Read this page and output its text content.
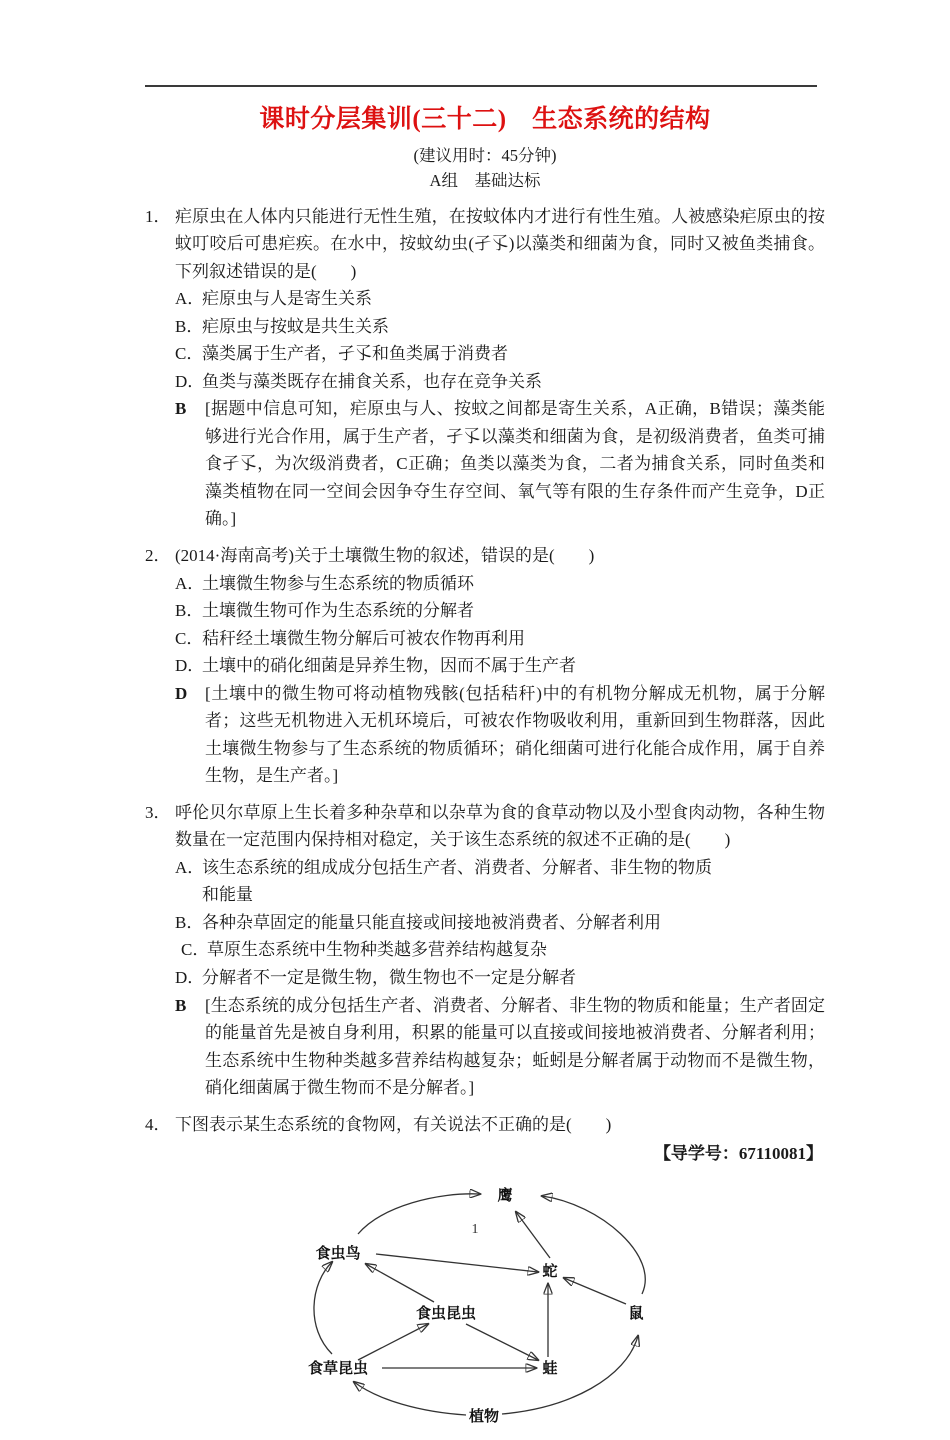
课时分层集训(三十二)　生态系统的结构
(建议用时：45分钟)
A组　基础达标
1． 疟原虫在人体内只能进行无性生殖，在按蚊体内才进行有性生殖。人被感染疟原虫的按蚊叮咬后可患疟疾。在水中，按蚊幼虫(孑孓)以藻类和细菌为食，同时又被鱼类捕食。下列叙述错误的是(　　)
A．
疟原虫与人是寄生关系
B．
疟原虫与按蚊是共生关系
C．
藻类属于生产者，孑孓和鱼类属于消费者
D．
鱼类与藻类既存在捕食关系，也存在竞争关系
B	[据题中信息可知，疟原虫与人、按蚊之间都是寄生关系，A正确，B错误；藻类能够进行光合作用，属于生产者，孑孓以藻类和细菌为食，是初级消费者，鱼类可捕食孑孓，为次级消费者，C正确；鱼类以藻类为食，二者为捕食关系，同时鱼类和藻类植物在同一空间会因争夺生存空间、氧气等有限的生存条件而产生竞争，D正确。]
2． (2014·海南高考)关于土壤微生物的叙述，错误的是(　　)
A．
土壤微生物参与生态系统的物质循环
B．
土壤微生物可作为生态系统的分解者
C．
秸秆经土壤微生物分解后可被农作物再利用
D．
土壤中的硝化细菌是异养生物，因而不属于生产者
D	[土壤中的微生物可将动植物残骸(包括秸秆)中的有机物分解成无机物，属于分解者；这些无机物进入无机环境后，可被农作物吸收利用，重新回到生物群落，因此土壤微生物参与了生态系统的物质循环；硝化细菌可进行化能合成作用，属于自养生物，是生产者。]
3． 呼伦贝尔草原上生长着多种杂草和以杂草为食的食草动物以及小型食肉动物，各种生物数量在一定范围内保持相对稳定，关于该生态系统的叙述不正确的是(　　)
A．
该生态系统的组成成分包括生产者、消费者、分解者、非生物的物质
和能量
B．
各种杂草固定的能量只能直接或间接地被消费者、分解者利用
C．
草原生态系统中生物种类越多营养结构越复杂
D．
分解者不一定是微生物，微生物也不一定是分解者
B	[生态系统的成分包括生产者、消费者、分解者、非生物的物质和能量；生产者固定的能量首先是被自身利用，积累的能量可以直接或间接地被消费者、分解者利用；生态系统中生物种类越多营养结构越复杂；蚯蚓是分解者属于动物而不是微生物，硝化细菌属于微生物而不是分解者。]
4． 下图表示某生态系统的食物网，有关说法不正确的是(　　)
【导学号：67110081】
鹰
食虫鸟
蛇
鼠
食虫昆虫
食草昆虫	蛙
植物
1
